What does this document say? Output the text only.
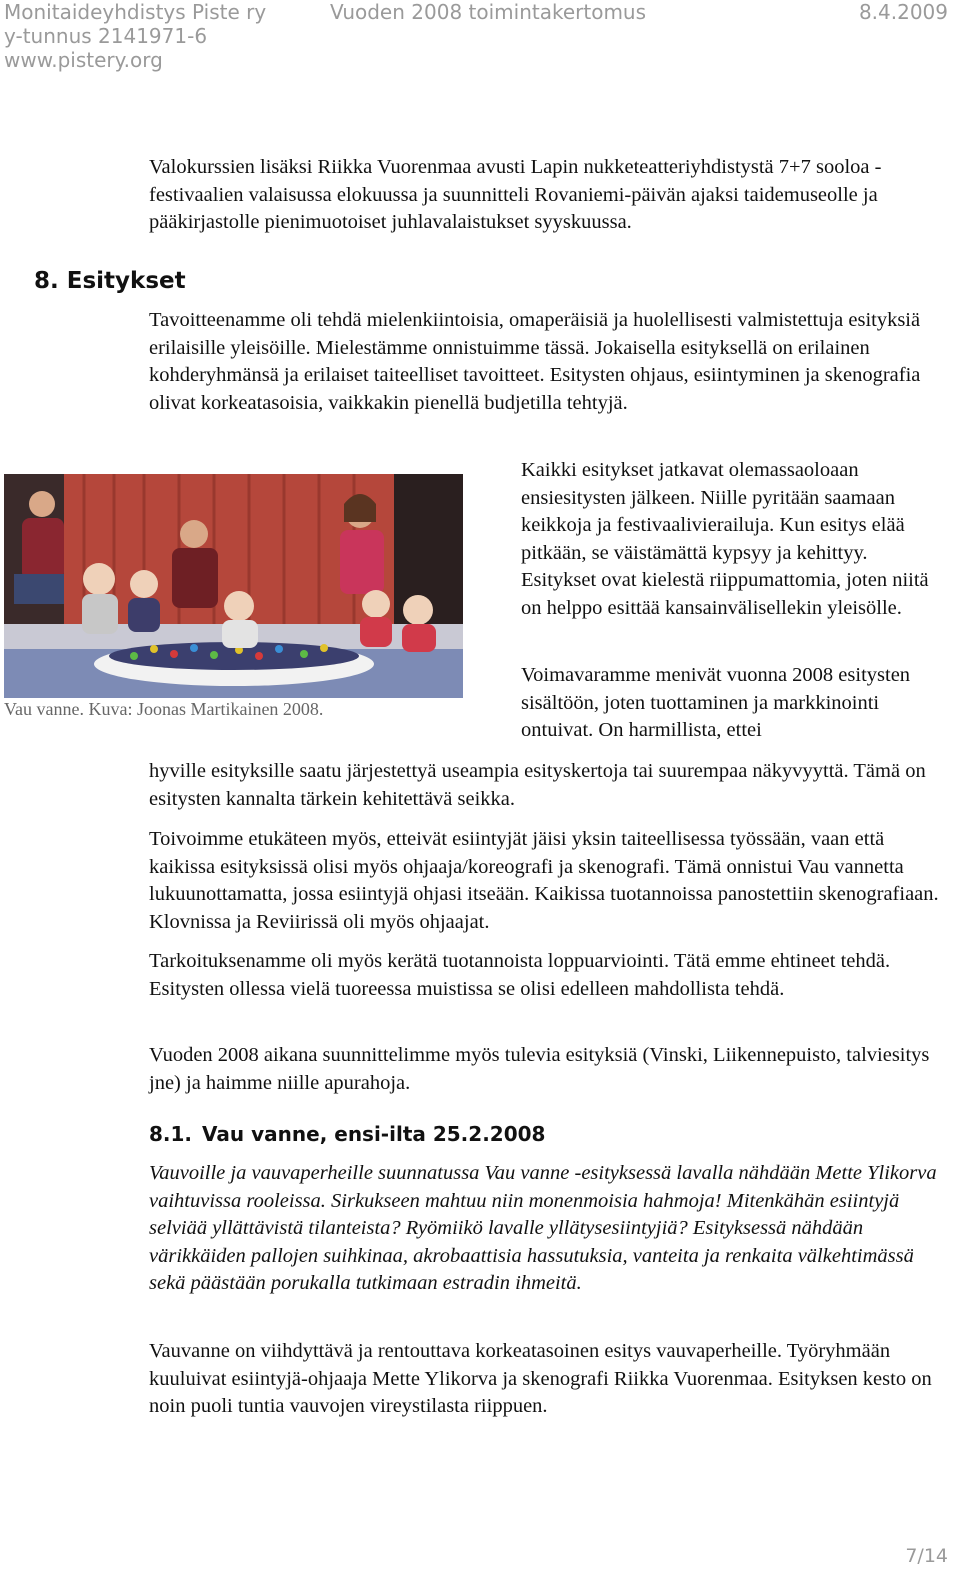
Monitaideyhdistys Piste ry	Vuoden 2008 toimintakertomus	8.4.2009
y-tunnus 2141971-6
www.pistery.org

Valokurssien lisäksi Riikka Vuorenmaa avusti Lapin nukketeatteriyhdistystä 7+7 sooloa -festivaalien valaisussa elokuussa ja suunnitteli Rovaniemi-päivän ajaksi taidemuseolle ja pääkirjastolle pienimuotoiset juhlavalaistukset syyskuussa.

8. Esitykset

Tavoitteenamme oli tehdä mielenkiintoisia, omaperäisiä ja huolellisesti valmistettuja esityksiä erilaisille yleisöille. Mielestämme onnistuimme tässä. Jokaisella esityksellä on erilainen kohderyhmänsä ja erilaiset taiteelliset tavoitteet. Esitysten ohjaus, esiintyminen ja skenografia olivat korkeatasoisia, vaikkakin pienellä budjetilla tehtyjä.

Vau vanne. Kuva: Joonas Martikainen 2008.

Kaikki esitykset jatkavat olemassaoloaan ensiesitysten jälkeen. Niille pyritään saamaan keikkoja ja festivaalivierailuja. Kun esitys elää pitkään, se väistämättä kypsyy ja kehittyy. Esitykset ovat kielestä riippumattomia, joten niitä on helppo esittää kansainvälisellekin yleisölle.

Voimavaramme menivät vuonna 2008 esitysten sisältöön, joten tuottaminen ja markkinointi ontuivat. On harmillista, ettei

hyville esityksille saatu järjestettyä useampia esityskertoja tai suurempaa näkyvyyttä. Tämä on esitysten kannalta tärkein kehitettävä seikka.

Toivoimme etukäteen myös, etteivät esiintyjät jäisi yksin taiteellisessa työssään, vaan että kaikissa esityksissä olisi myös ohjaaja/koreografi ja skenografi. Tämä onnistui Vau vannetta lukuunottamatta, jossa esiintyjä ohjasi itseään. Kaikissa tuotannoissa panostettiin skenografiaan. Klovnissa ja Reviirissä oli myös ohjaajat.

Tarkoituksenamme oli myös kerätä tuotannoista loppuarviointi. Tätä emme ehtineet tehdä. Esitysten ollessa vielä tuoreessa muistissa se olisi edelleen mahdollista tehdä.

Vuoden 2008 aikana suunnittelimme myös tulevia esityksiä (Vinski, Liikennepuisto, talviesitys jne) ja haimme niille apurahoja.

8.1. Vau vanne, ensi-ilta 25.2.2008

Vauvoille ja vauvaperheille suunnatussa Vau vanne -esityksessä lavalla nähdään Mette Ylikorva vaihtuvissa rooleissa. Sirkukseen mahtuu niin monenmoisia hahmoja! Mitenkähän esiintyjä selviää yllättävistä tilanteista? Ryömiikö lavalle yllätysesiintyjiä? Esityksessä nähdään värikkäiden pallojen suihkinaa, akrobaattisia hassutuksia, vanteita ja renkaita välkehtimässä sekä päästään porukalla tutkimaan estradin ihmeitä.

Vauvanne on viihdyttävä ja rentouttava korkeatasoinen esitys vauvaperheille. Työryhmään kuuluivat esiintyjä-ohjaaja Mette Ylikorva ja skenografi Riikka Vuorenmaa. Esityksen kesto on noin puoli tuntia vauvojen vireystilasta riippuen.

7/14
